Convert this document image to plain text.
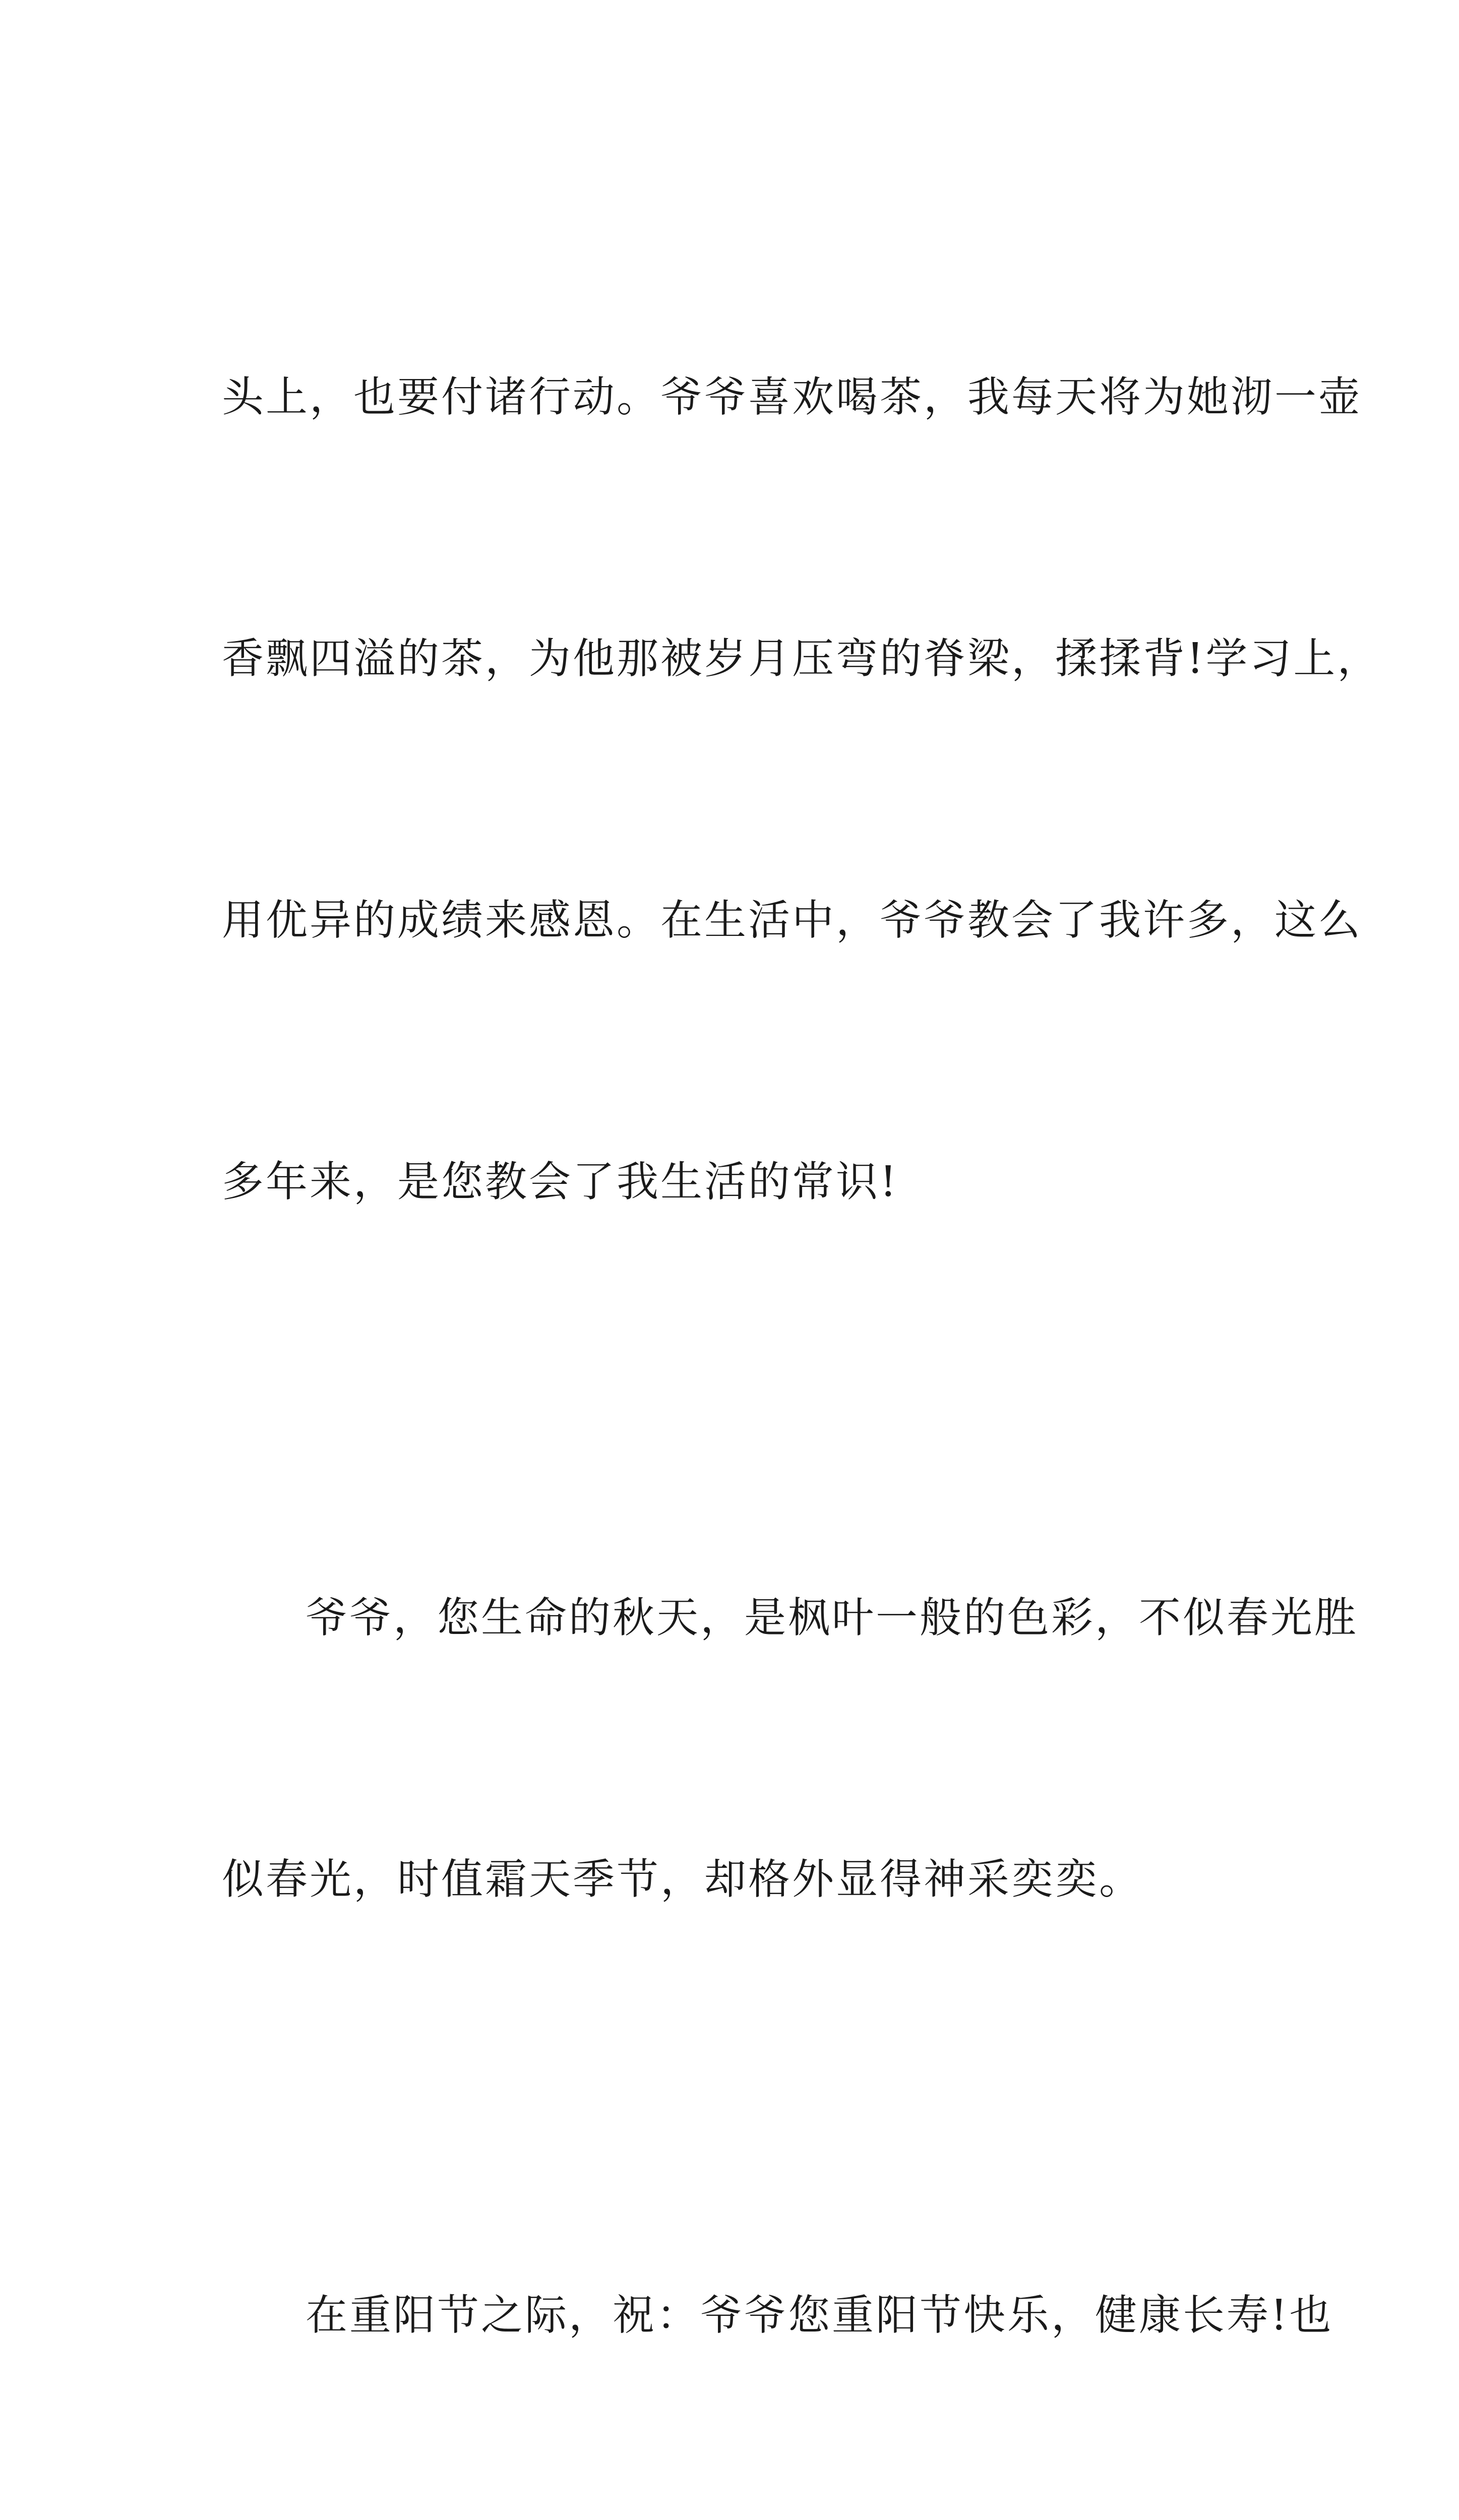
头上，也要付诸行动。爷爷喜欢喝茶，我每天将为她沏一壶

香飘四溢的茶，为他那被岁月压弯的脊梁，揉揉背!学习上，

用优异的成绩来感恩。在生活中，爷爷教会了我许多，这么

多年来，是您教会了我生活的常识!

爷爷，您生命的秋天，是枫叶一般的色彩，不似春光胜

似春光，时值霜天季节，却格外显得神采奕奕。

在重阳节之际，祝：爷爷您重阳节快乐，健康长寿!也
